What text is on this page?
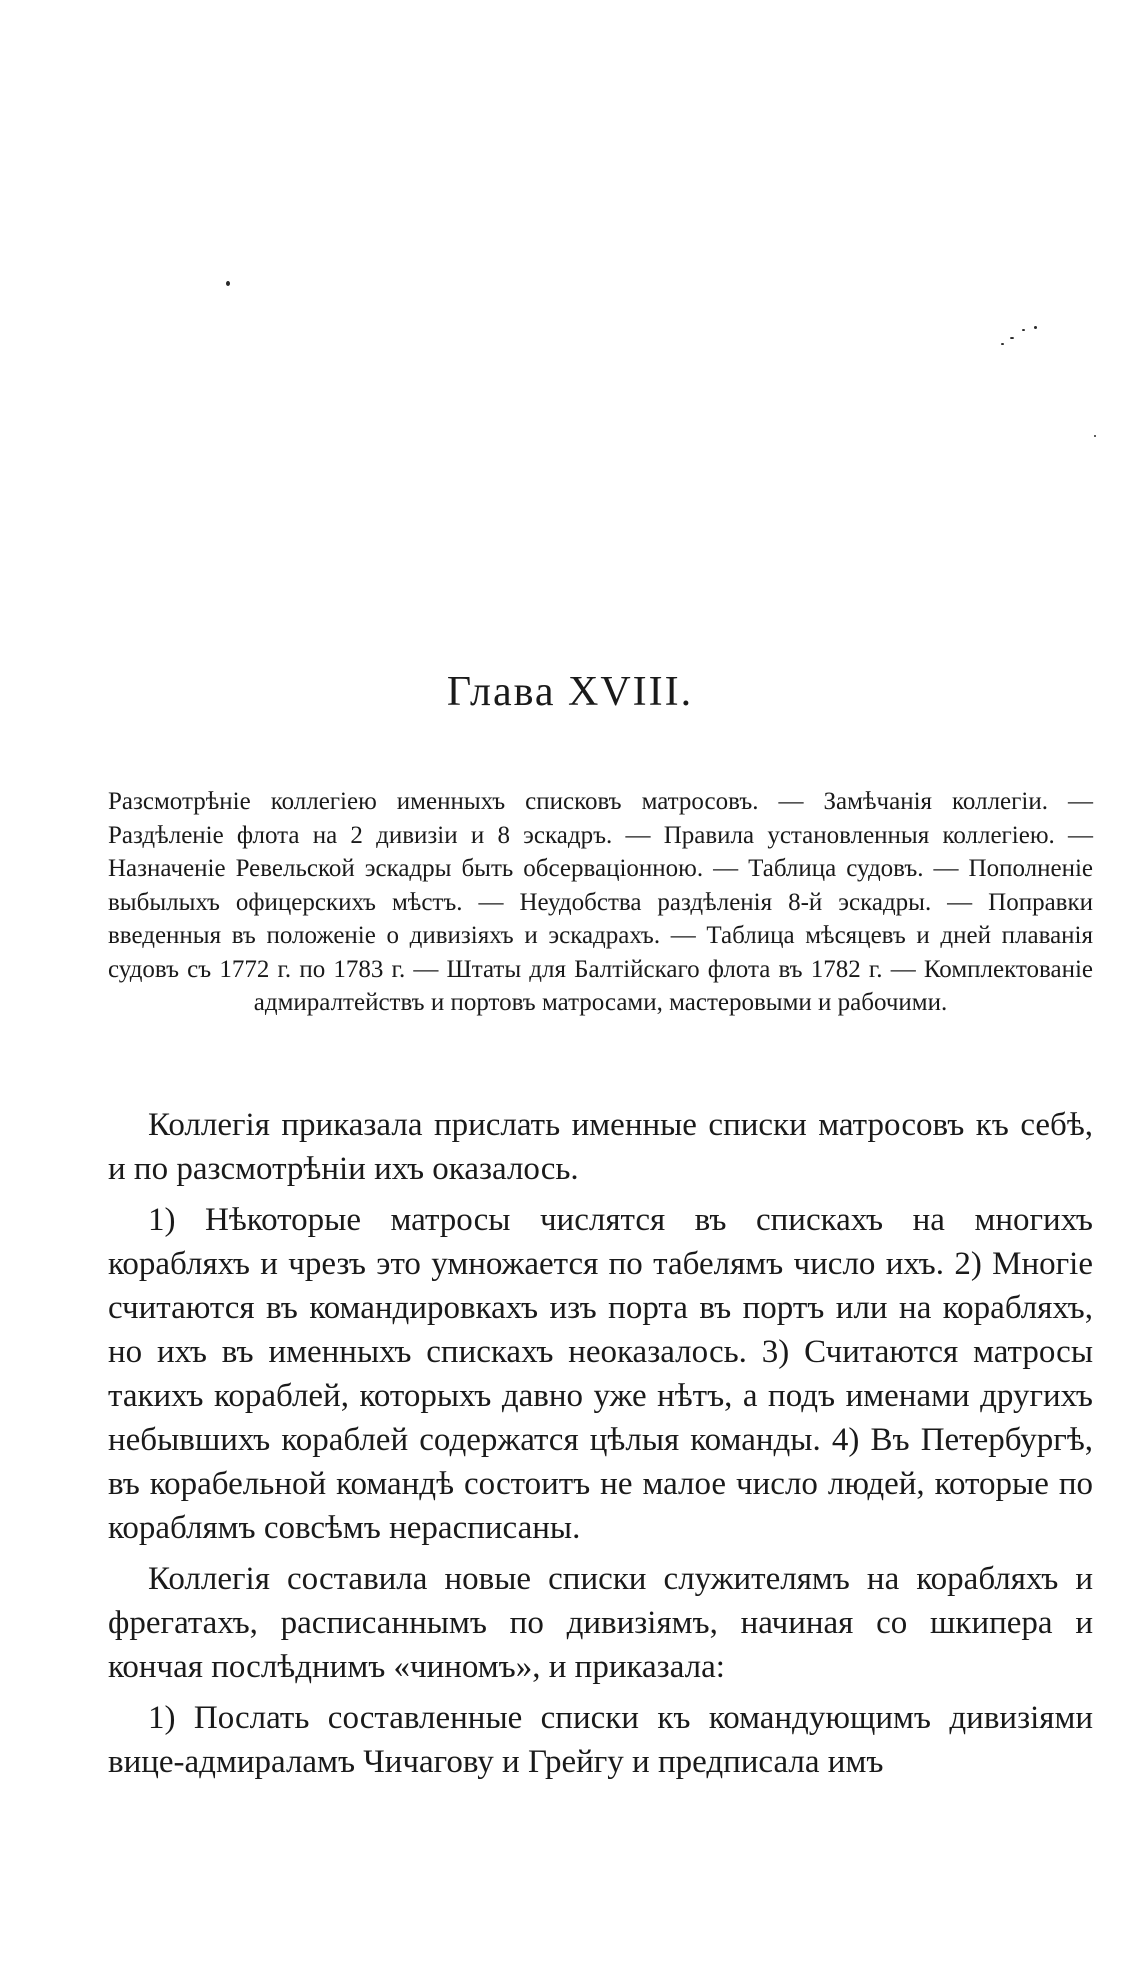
Глава XVIII.

Разсмотрѣніе коллегіею именныхъ списковъ матросовъ. — Замѣчанія коллегіи. — Раздѣленіе флота на 2 дивизіи и 8 эскадръ. — Правила установленныя коллегіею. — Назначеніе Ревельской эскадры быть обсерваціонною. — Таблица судовъ. — Пополненіе выбылыхъ офицерскихъ мѣстъ. — Неудобства раздѣленія 8-й эскадры. — Поправки введенныя въ положеніе о дивизіяхъ и эскадрахъ. — Таблица мѣсяцевъ и дней плаванія судовъ съ 1772 г. по 1783 г. — Штаты для Балтійскаго флота въ 1782 г. — Комплектованіе адмиралтействъ и портовъ матросами, мастеровыми и рабочими.

Коллегія приказала прислать именные списки матросовъ къ себѣ, и по разсмотрѣніи ихъ оказалось.

1) Нѣкоторые матросы числятся въ спискахъ на многихъ корабляхъ и чрезъ это умножается по табелямъ число ихъ. 2) Многіе считаются въ командировкахъ изъ порта въ портъ или на корабляхъ, но ихъ въ именныхъ спискахъ неоказалось. 3) Считаются матросы такихъ кораблей, которыхъ давно уже нѣтъ, а подъ именами другихъ небывшихъ кораблей содержатся цѣлыя команды. 4) Въ Петербургѣ, въ корабельной командѣ состоитъ не малое число людей, которые по кораблямъ совсѣмъ нерасписаны.

Коллегія составила новые списки служителямъ на корабляхъ и фрегатахъ, расписаннымъ по дивизіямъ, начиная со шкипера и кончая послѣднимъ «чиномъ», и приказала:

1) Послать составленные списки къ командующимъ дивизіями вице-адмираламъ Чичагову и Грейгу и предписала имъ
